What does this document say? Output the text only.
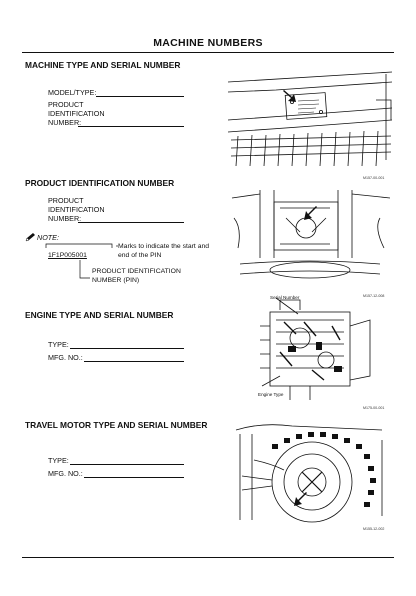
MACHINE NUMBERS
MACHINE TYPE AND SERIAL NUMBER
MODEL/TYPE:
PRODUCT
IDENTIFICATION
NUMBER:
M157-00-001
PRODUCT IDENTIFICATION NUMBER
PRODUCT
IDENTIFICATION
NUMBER:
NOTE:
1F1P005001
Marks to indicate the start and
end of the PIN
PRODUCT IDENTIFICATION
NUMBER (PIN)
M157-12-008
ENGINE TYPE AND SERIAL NUMBER
TYPE:
MFG. NO.:
Serial Number
Engine Type
M175-00-001
TRAVEL MOTOR TYPE AND SERIAL NUMBER
TYPE:
MFG. NO.:
M155-12-002
